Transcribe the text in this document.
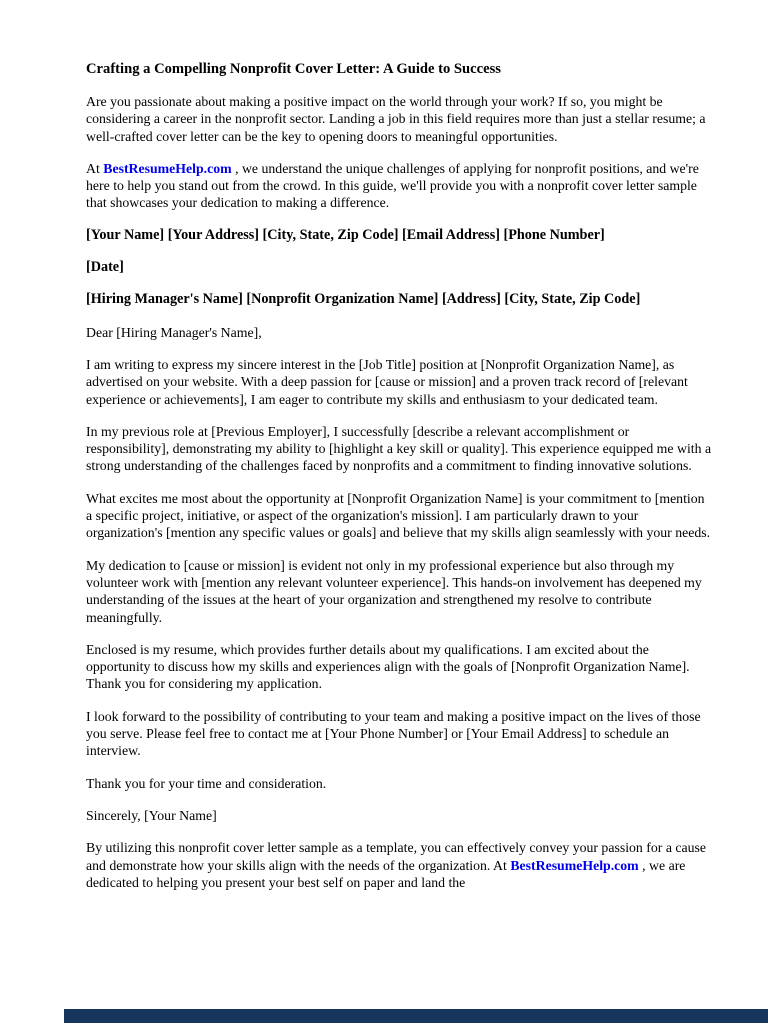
Crafting a Compelling Nonprofit Cover Letter: A Guide to Success

Are you passionate about making a positive impact on the world through your work? If so, you might be considering a career in the nonprofit sector. Landing a job in this field requires more than just a stellar resume; a well-crafted cover letter can be the key to opening doors to meaningful opportunities.

At BestResumeHelp.com , we understand the unique challenges of applying for nonprofit positions, and we're here to help you stand out from the crowd. In this guide, we'll provide you with a nonprofit cover letter sample that showcases your dedication to making a difference.

[Your Name] [Your Address] [City, State, Zip Code] [Email Address] [Phone Number]

[Date]

[Hiring Manager's Name] [Nonprofit Organization Name] [Address] [City, State, Zip Code]

Dear [Hiring Manager's Name],

I am writing to express my sincere interest in the [Job Title] position at [Nonprofit Organization Name], as advertised on your website. With a deep passion for [cause or mission] and a proven track record of [relevant experience or achievements], I am eager to contribute my skills and enthusiasm to your dedicated team.

In my previous role at [Previous Employer], I successfully [describe a relevant accomplishment or responsibility], demonstrating my ability to [highlight a key skill or quality]. This experience equipped me with a strong understanding of the challenges faced by nonprofits and a commitment to finding innovative solutions.

What excites me most about the opportunity at [Nonprofit Organization Name] is your commitment to [mention a specific project, initiative, or aspect of the organization's mission]. I am particularly drawn to your organization's [mention any specific values or goals] and believe that my skills align seamlessly with your needs.

My dedication to [cause or mission] is evident not only in my professional experience but also through my volunteer work with [mention any relevant volunteer experience]. This hands-on involvement has deepened my understanding of the issues at the heart of your organization and strengthened my resolve to contribute meaningfully.

Enclosed is my resume, which provides further details about my qualifications. I am excited about the opportunity to discuss how my skills and experiences align with the goals of [Nonprofit Organization Name]. Thank you for considering my application.

I look forward to the possibility of contributing to your team and making a positive impact on the lives of those you serve. Please feel free to contact me at [Your Phone Number] or [Your Email Address] to schedule an interview.

Thank you for your time and consideration.

Sincerely, [Your Name]

By utilizing this nonprofit cover letter sample as a template, you can effectively convey your passion for a cause and demonstrate how your skills align with the needs of the organization. At BestResumeHelp.com , we are dedicated to helping you present your best self on paper and land the
